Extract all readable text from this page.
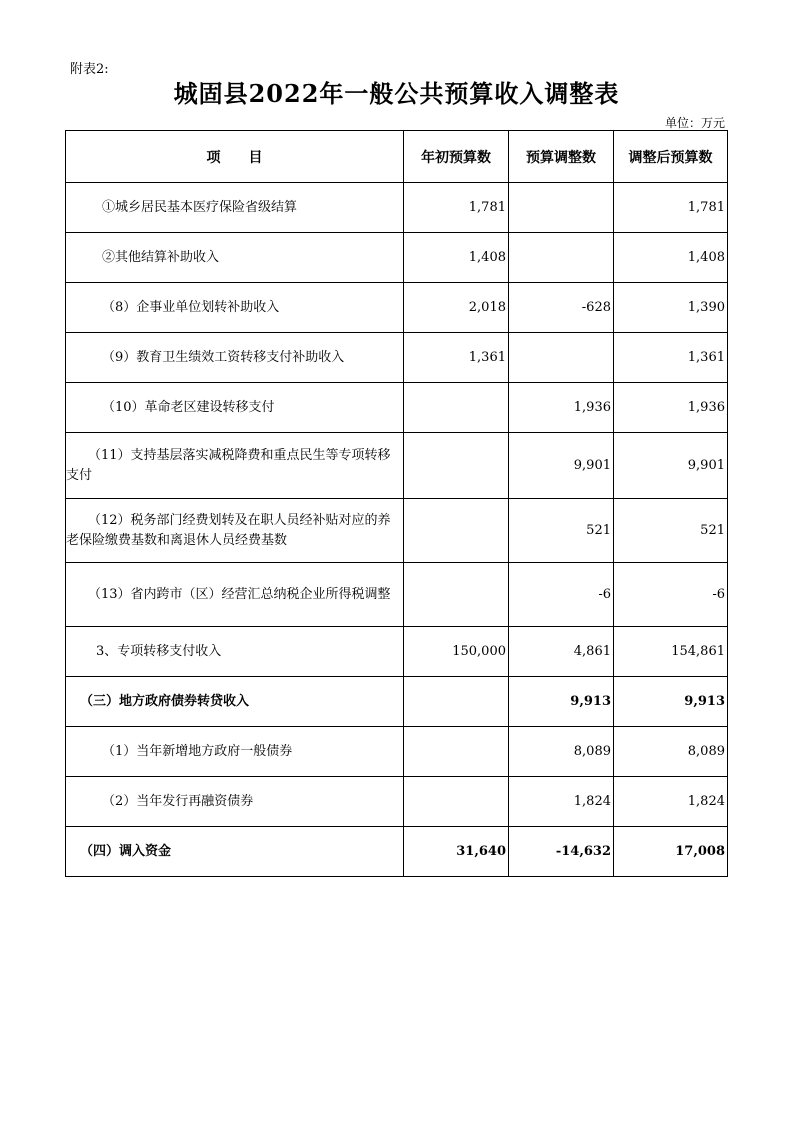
附表2:
城固县2022年一般公共预算收入调整表
单位：万元
项　　目	年初预算数	预算调整数	调整后预算数
①城乡居民基本医疗保险省级结算	1,781		1,781
②其他结算补助收入	1,408		1,408
（8）企事业单位划转补助收入	2,018	-628	1,390
（9）教育卫生绩效工资转移支付补助收入	1,361		1,361
（10）革命老区建设转移支付		1,936	1,936
（11）支持基层落实减税降费和重点民生等专项转移支付		9,901	9,901
（12）税务部门经费划转及在职人员经补贴对应的养老保险缴费基数和离退休人员经费基数		521	521
（13）省内跨市（区）经营汇总纳税企业所得税调整		-6	-6
3、专项转移支付收入	150,000	4,861	154,861
（三）地方政府债券转贷收入		9,913	9,913
（1）当年新增地方政府一般债券		8,089	8,089
（2）当年发行再融资债券		1,824	1,824
（四）调入资金	31,640	-14,632	17,008
